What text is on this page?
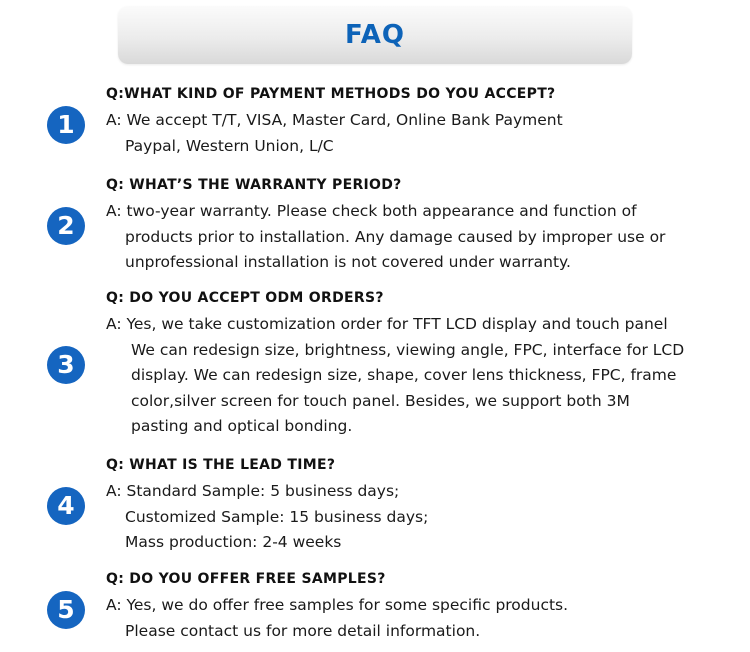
FAQ
1
Q:WHAT KIND OF PAYMENT METHODS DO YOU ACCEPT?
A: We accept T/T, VISA, Master Card, Online Bank Payment
Paypal, Western Union, L/C
2
Q: WHAT’S THE WARRANTY PERIOD?
A: two-year warranty. Please check both appearance and function of
products prior to installation. Any damage caused by improper use or
unprofessional installation is not covered under warranty.
3
Q: DO YOU ACCEPT ODM ORDERS?
A: Yes, we take customization order for TFT LCD display and touch panel
We can redesign size, brightness, viewing angle, FPC, interface for LCD
display. We can redesign size, shape, cover lens thickness, FPC, frame
color,silver screen for touch panel. Besides, we support both 3M
pasting and optical bonding.
4
Q: WHAT IS THE LEAD TIME?
A: Standard Sample: 5 business days;
Customized Sample: 15 business days;
Mass production: 2-4 weeks
5
Q: DO YOU OFFER FREE SAMPLES?
A: Yes, we do offer free samples for some specific products.
Please contact us for more detail information.
